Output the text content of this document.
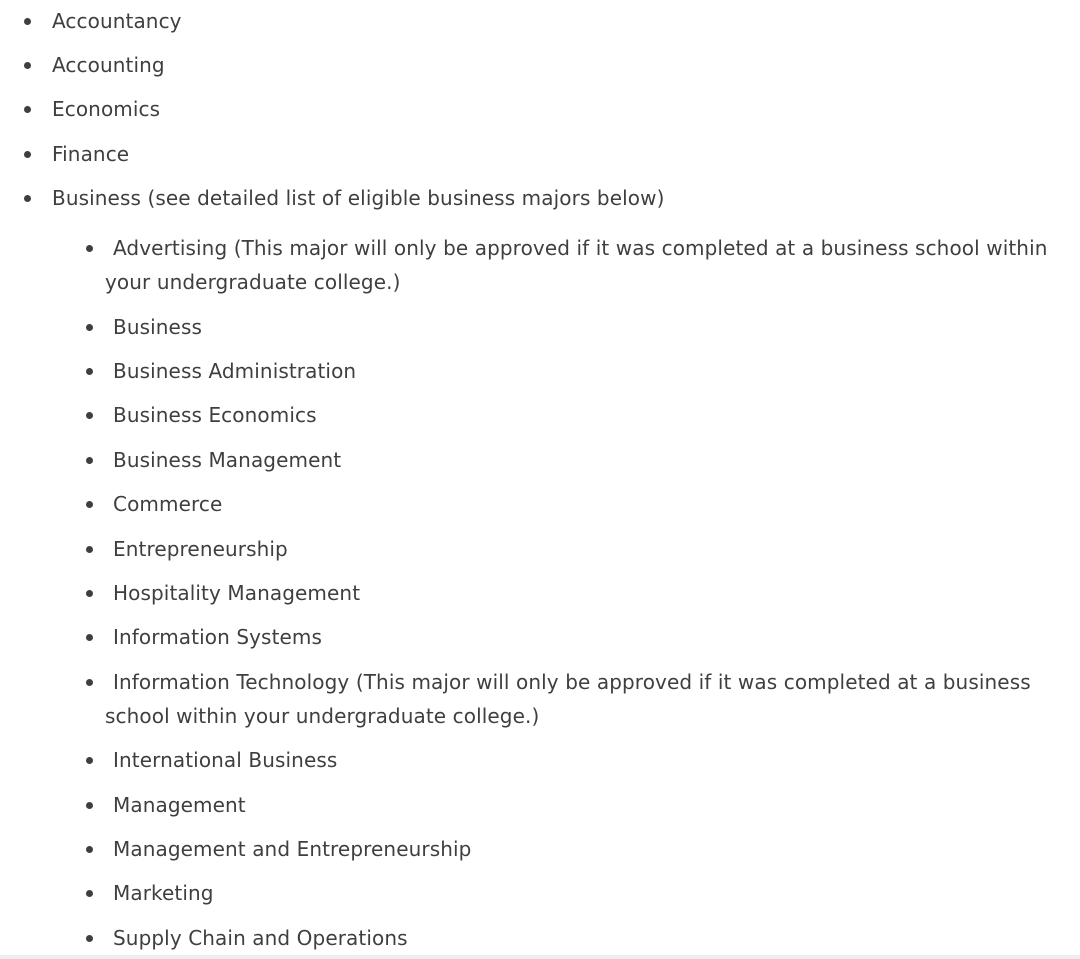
Accountancy
Accounting
Economics
Finance
Business (see detailed list of eligible business majors below)
Advertising (This major will only be approved if it was completed at a business school within
your undergraduate college.)
Business
Business Administration
Business Economics
Business Management
Commerce
Entrepreneurship
Hospitality Management
Information Systems
Information Technology (This major will only be approved if it was completed at a business
school within your undergraduate college.)
International Business
Management
Management and Entrepreneurship
Marketing
Supply Chain and Operations
